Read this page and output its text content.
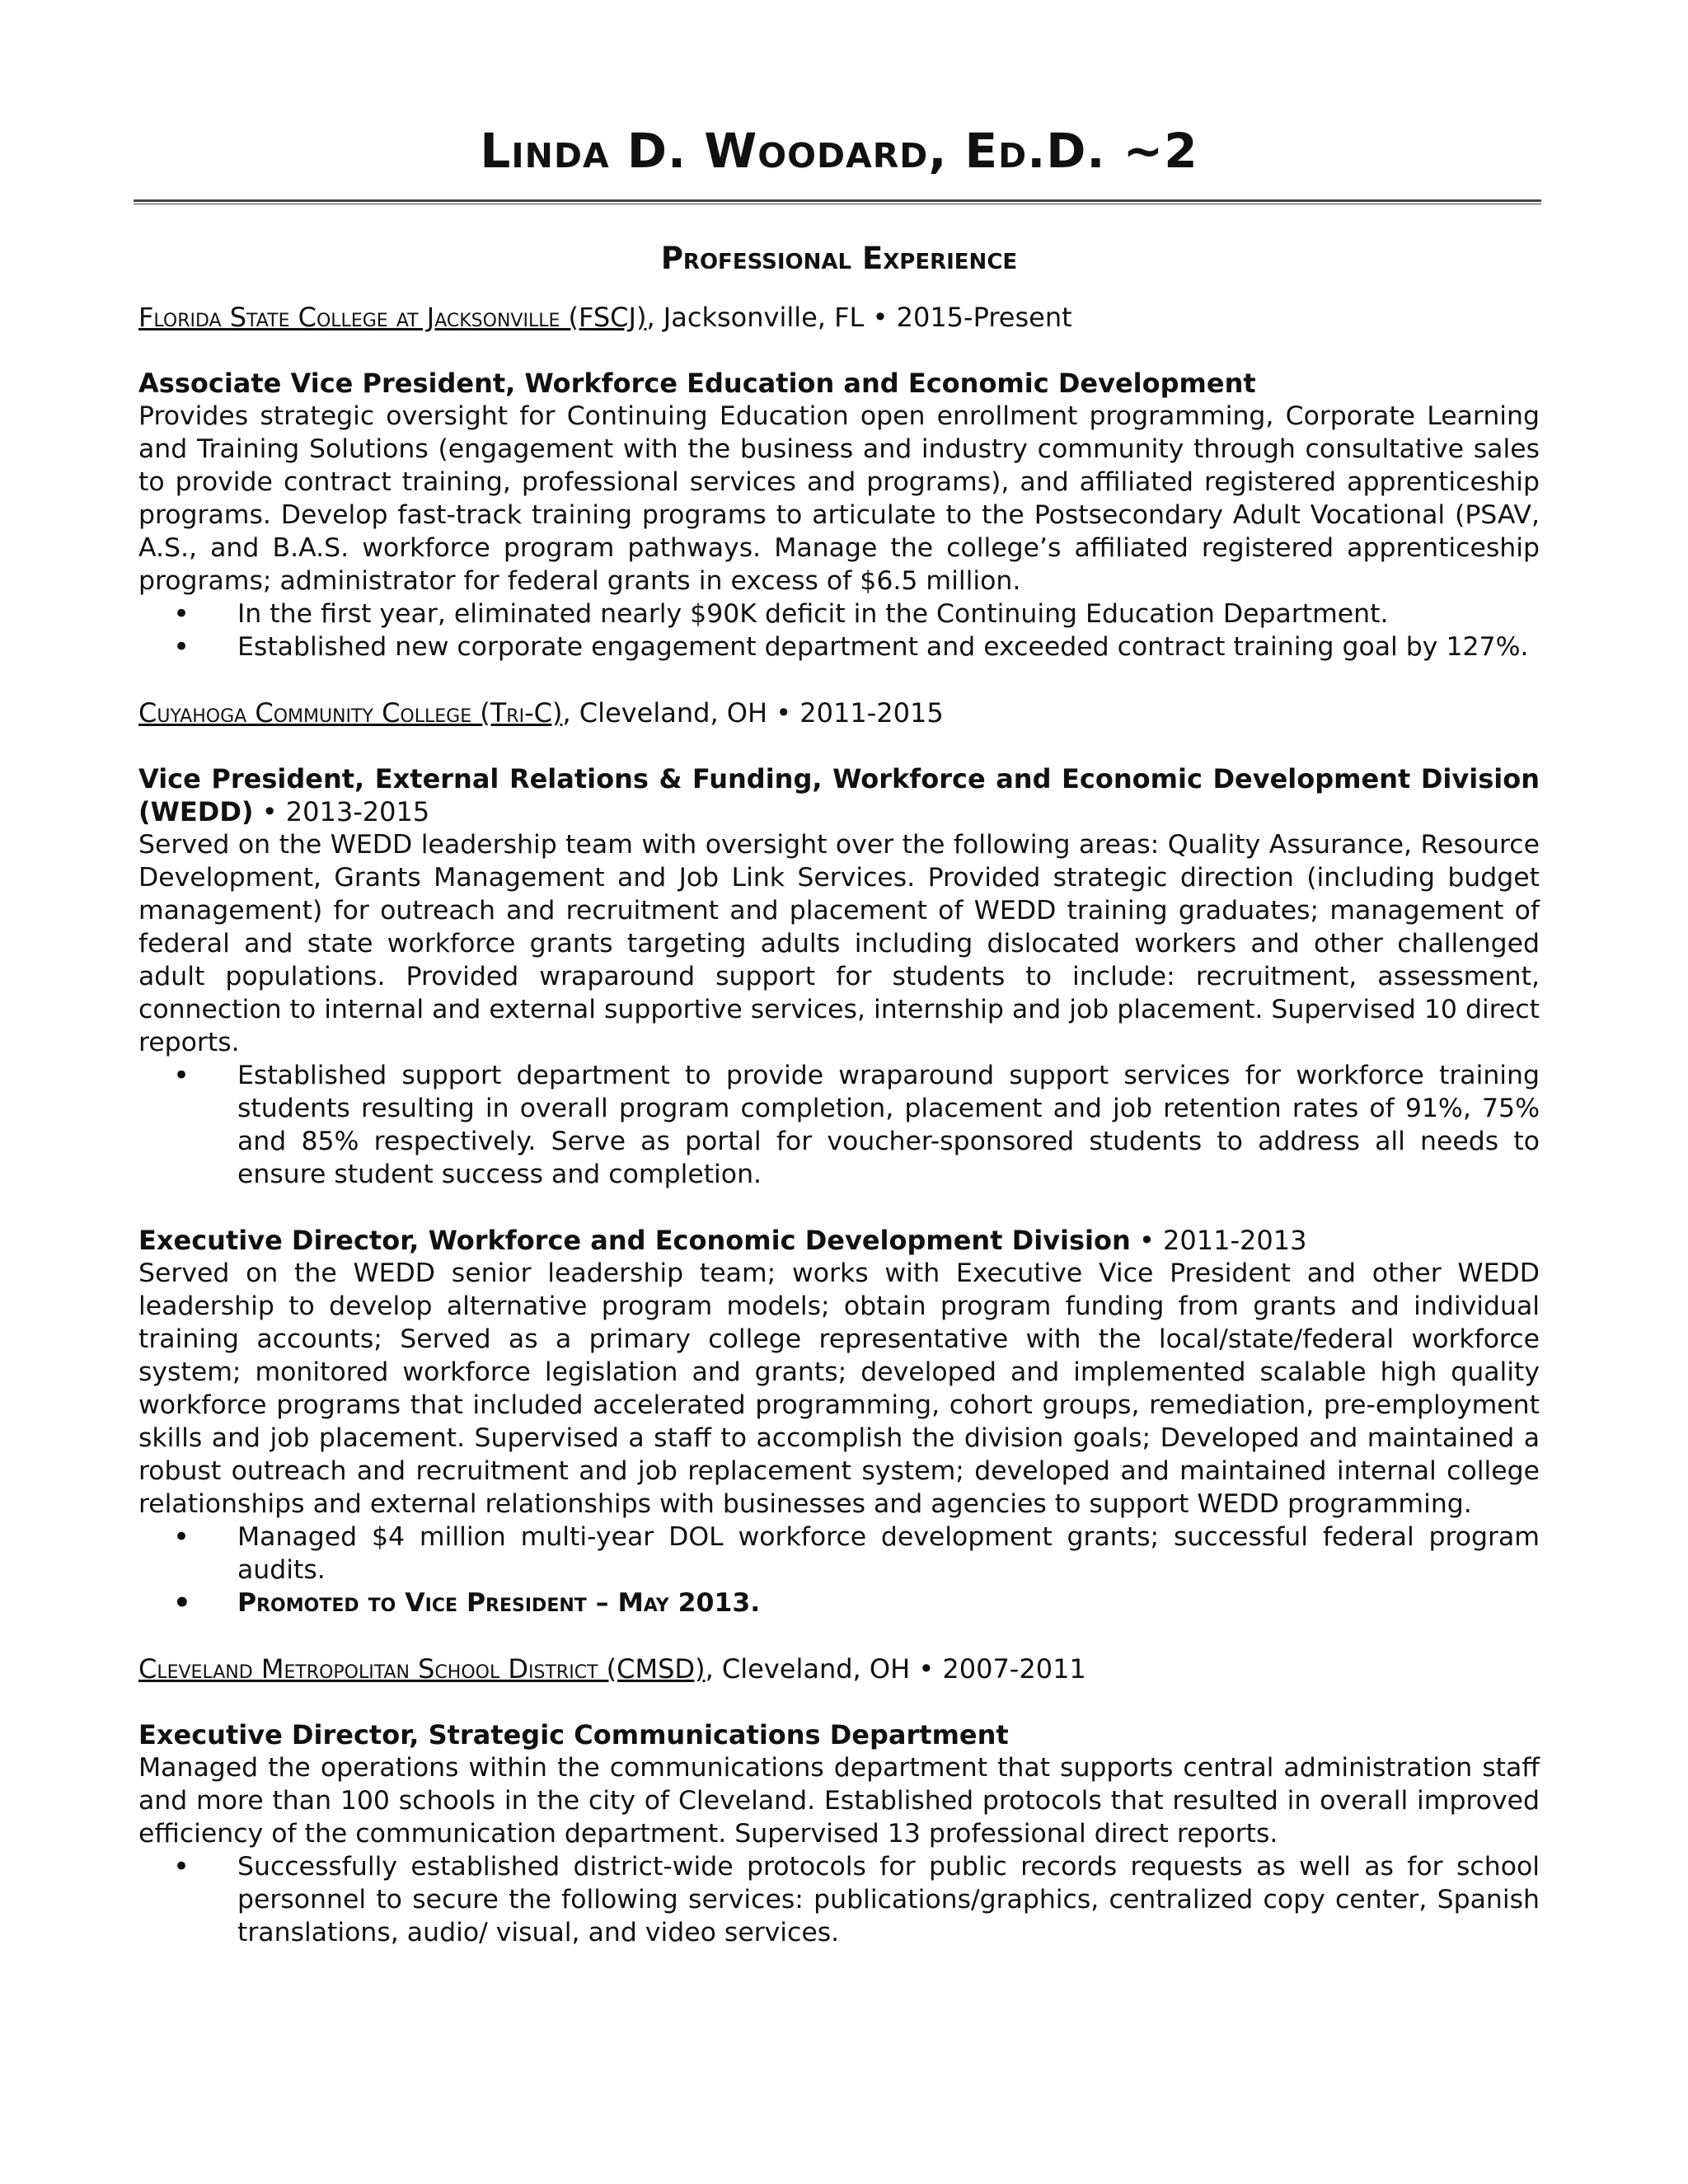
Linda D. Woodard, Ed.D. ~2
Professional Experience
Florida State College at Jacksonville (FSCJ), Jacksonville, FL • 2015-Present
Associate Vice President, Workforce Education and Economic Development

Provides strategic oversight for Continuing Education open enrollment programming, Corporate Learning and Training Solutions (engagement with the business and industry community through consultative sales to provide contract training, professional services and programs), and affiliated registered apprenticeship programs. Develop fast-track training programs to articulate to the Postsecondary Adult Vocational (PSAV, A.S., and B.A.S. workforce program pathways. Manage the college’s affiliated registered apprenticeship programs; administrator for federal grants in excess of $6.5 million.

• In the first year, eliminated nearly $90K deficit in the Continuing Education Department.
• Established new corporate engagement department and exceeded contract training goal by 127%.
Cuyahoga Community College (Tri-C), Cleveland, OH • 2011-2015
Vice President, External Relations & Funding, Workforce and Economic Development Division (WEDD) • 2013-2015

Served on the WEDD leadership team with oversight over the following areas: Quality Assurance, Resource Development, Grants Management and Job Link Services. Provided strategic direction (including budget management) for outreach and recruitment and placement of WEDD training graduates; management of federal and state workforce grants targeting adults including dislocated workers and other challenged adult populations. Provided wraparound support for students to include: recruitment, assessment, connection to internal and external supportive services, internship and job placement. Supervised 10 direct reports.

• Established support department to provide wraparound support services for workforce training students resulting in overall program completion, placement and job retention rates of 91%, 75% and 85% respectively. Serve as portal for voucher-sponsored students to address all needs to ensure student success and completion.
Executive Director, Workforce and Economic Development Division • 2011-2013

Served on the WEDD senior leadership team; works with Executive Vice President and other WEDD leadership to develop alternative program models; obtain program funding from grants and individual training accounts; Served as a primary college representative with the local/state/federal workforce system; monitored workforce legislation and grants; developed and implemented scalable high quality workforce programs that included accelerated programming, cohort groups, remediation, pre-employment skills and job placement. Supervised a staff to accomplish the division goals; Developed and maintained a robust outreach and recruitment and job replacement system; developed and maintained internal college relationships and external relationships with businesses and agencies to support WEDD programming.

• Managed $4 million multi-year DOL workforce development grants; successful federal program audits.
• Promoted to Vice President – May 2013.
Cleveland Metropolitan School District (CMSD), Cleveland, OH • 2007-2011
Executive Director, Strategic Communications Department

Managed the operations within the communications department that supports central administration staff and more than 100 schools in the city of Cleveland. Established protocols that resulted in overall improved efficiency of the communication department. Supervised 13 professional direct reports.

• Successfully established district-wide protocols for public records requests as well as for school personnel to secure the following services: publications/graphics, centralized copy center, Spanish translations, audio/ visual, and video services.
